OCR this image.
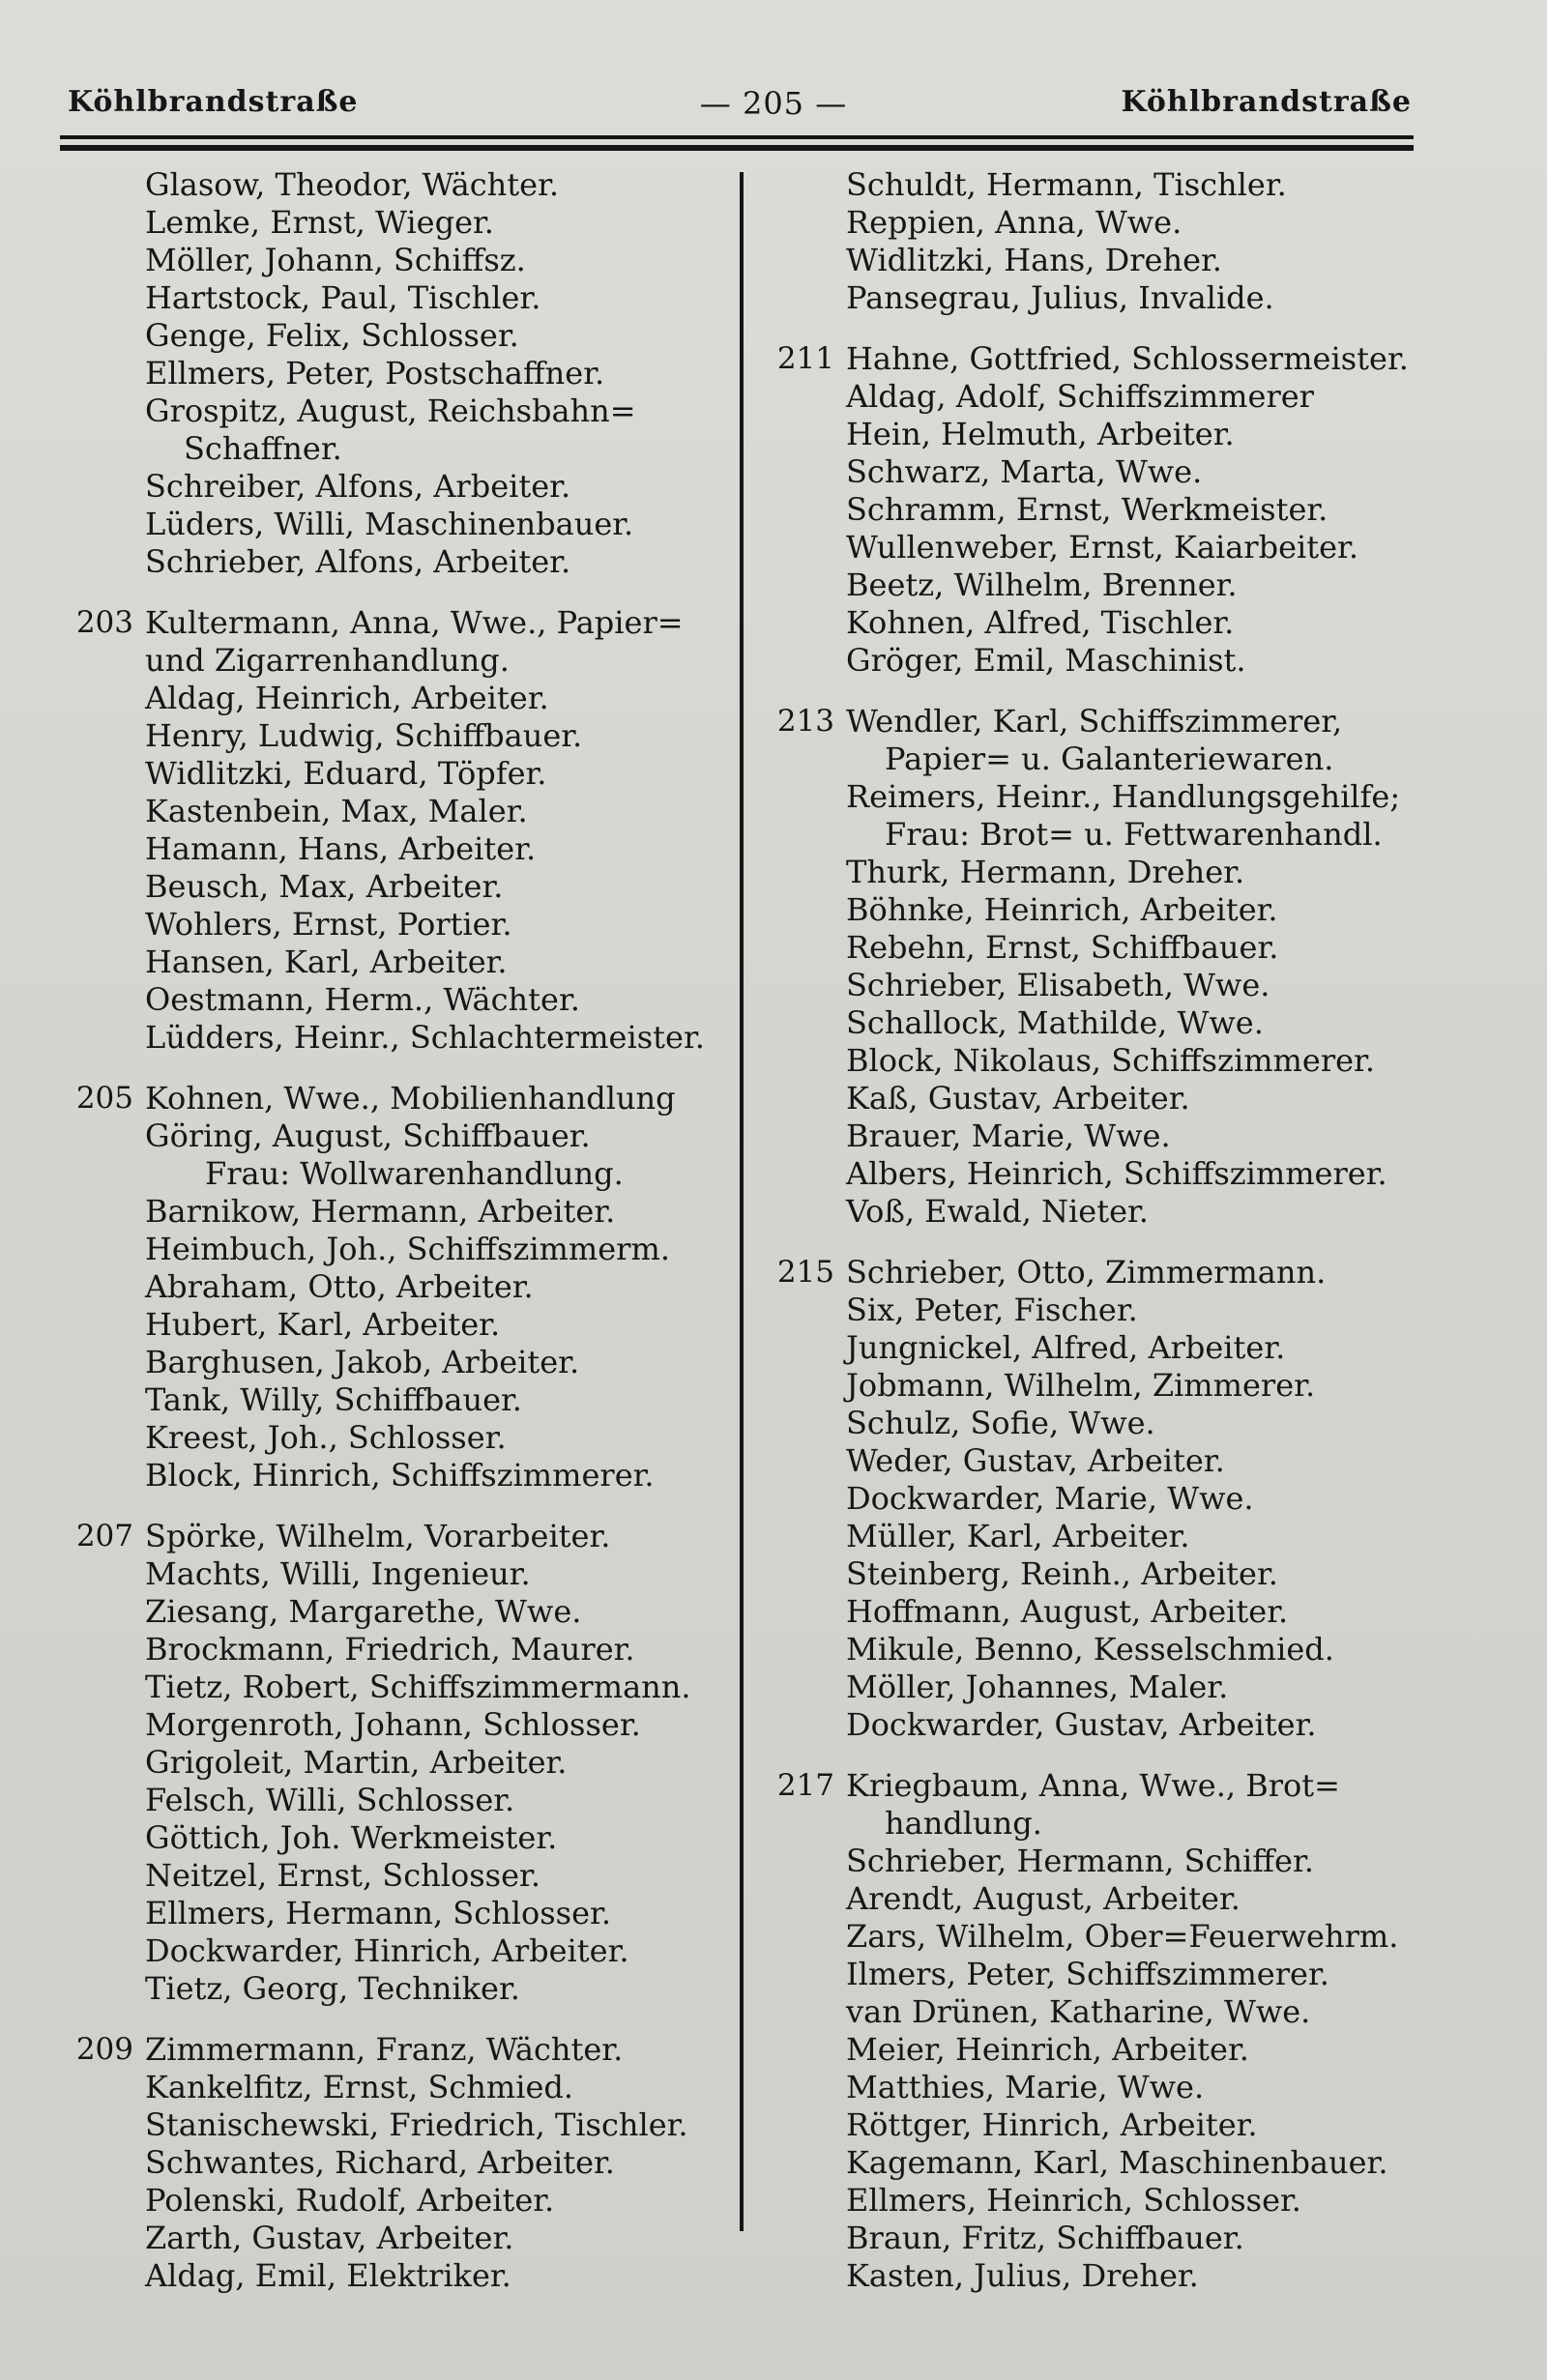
Köhlbrandstraße	— 205 —	Köhlbrandstraße
Glasow, Theodor, Wächter.
Lemke, Ernst, Wieger.
Möller, Johann, Schiffsz.
Hartstock, Paul, Tischler.
Genge, Felix, Schlosser.
Ellmers, Peter, Postschaffner.
Grospitz, August, Reichsbahn=
Schaffner.
Schreiber, Alfons, Arbeiter.
Lüders, Willi, Maschinenbauer.
Schrieber, Alfons, Arbeiter.
203 Kultermann, Anna, Wwe., Papier=
und Zigarrenhandlung.
Aldag, Heinrich, Arbeiter.
Henry, Ludwig, Schiffbauer.
Widlitzki, Eduard, Töpfer.
Kastenbein, Max, Maler.
Hamann, Hans, Arbeiter.
Beusch, Max, Arbeiter.
Wohlers, Ernst, Portier.
Hansen, Karl, Arbeiter.
Oestmann, Herm., Wächter.
Lüdders, Heinr., Schlachtermeister.
205 Kohnen, Wwe., Mobilienhandlung
Göring, August, Schiffbauer.
Frau: Wollwarenhandlung.
Barnikow, Hermann, Arbeiter.
Heimbuch, Joh., Schiffszimmerm.
Abraham, Otto, Arbeiter.
Hubert, Karl, Arbeiter.
Barghusen, Jakob, Arbeiter.
Tank, Willy, Schiffbauer.
Kreest, Joh., Schlosser.
Block, Hinrich, Schiffszimmerer.
207 Spörke, Wilhelm, Vorarbeiter.
Machts, Willi, Ingenieur.
Ziesang, Margarethe, Wwe.
Brockmann, Friedrich, Maurer.
Tietz, Robert, Schiffszimmermann.
Morgenroth, Johann, Schlosser.
Grigoleit, Martin, Arbeiter.
Felsch, Willi, Schlosser.
Göttich, Joh. Werkmeister.
Neitzel, Ernst, Schlosser.
Ellmers, Hermann, Schlosser.
Dockwarder, Hinrich, Arbeiter.
Tietz, Georg, Techniker.
209 Zimmermann, Franz, Wächter.
Kankelfitz, Ernst, Schmied.
Stanischewski, Friedrich, Tischler.
Schwantes, Richard, Arbeiter.
Polenski, Rudolf, Arbeiter.
Zarth, Gustav, Arbeiter.
Aldag, Emil, Elektriker.
Schuldt, Hermann, Tischler.
Reppien, Anna, Wwe.
Widlitzki, Hans, Dreher.
Pansegrau, Julius, Invalide.
211 Hahne, Gottfried, Schlossermeister.
Aldag, Adolf, Schiffszimmerer
Hein, Helmuth, Arbeiter.
Schwarz, Marta, Wwe.
Schramm, Ernst, Werkmeister.
Wullenweber, Ernst, Kaiarbeiter.
Beetz, Wilhelm, Brenner.
Kohnen, Alfred, Tischler.
Gröger, Emil, Maschinist.
213 Wendler, Karl, Schiffszimmerer,
Papier= u. Galanteriewaren.
Reimers, Heinr., Handlungsgehilfe;
Frau: Brot= u. Fettwarenhandl.
Thurk, Hermann, Dreher.
Böhnke, Heinrich, Arbeiter.
Rebehn, Ernst, Schiffbauer.
Schrieber, Elisabeth, Wwe.
Schallock, Mathilde, Wwe.
Block, Nikolaus, Schiffszimmerer.
Kaß, Gustav, Arbeiter.
Brauer, Marie, Wwe.
Albers, Heinrich, Schiffszimmerer.
Voß, Ewald, Nieter.
215 Schrieber, Otto, Zimmermann.
Six, Peter, Fischer.
Jungnickel, Alfred, Arbeiter.
Jobmann, Wilhelm, Zimmerer.
Schulz, Sofie, Wwe.
Weder, Gustav, Arbeiter.
Dockwarder, Marie, Wwe.
Müller, Karl, Arbeiter.
Steinberg, Reinh., Arbeiter.
Hoffmann, August, Arbeiter.
Mikule, Benno, Kesselschmied.
Möller, Johannes, Maler.
Dockwarder, Gustav, Arbeiter.
217 Kriegbaum, Anna, Wwe., Brot=
handlung.
Schrieber, Hermann, Schiffer.
Arendt, August, Arbeiter.
Zars, Wilhelm, Ober=Feuerwehrm.
Ilmers, Peter, Schiffszimmerer.
van Drünen, Katharine, Wwe.
Meier, Heinrich, Arbeiter.
Matthies, Marie, Wwe.
Röttger, Hinrich, Arbeiter.
Kagemann, Karl, Maschinenbauer.
Ellmers, Heinrich, Schlosser.
Braun, Fritz, Schiffbauer.
Kasten, Julius, Dreher.
